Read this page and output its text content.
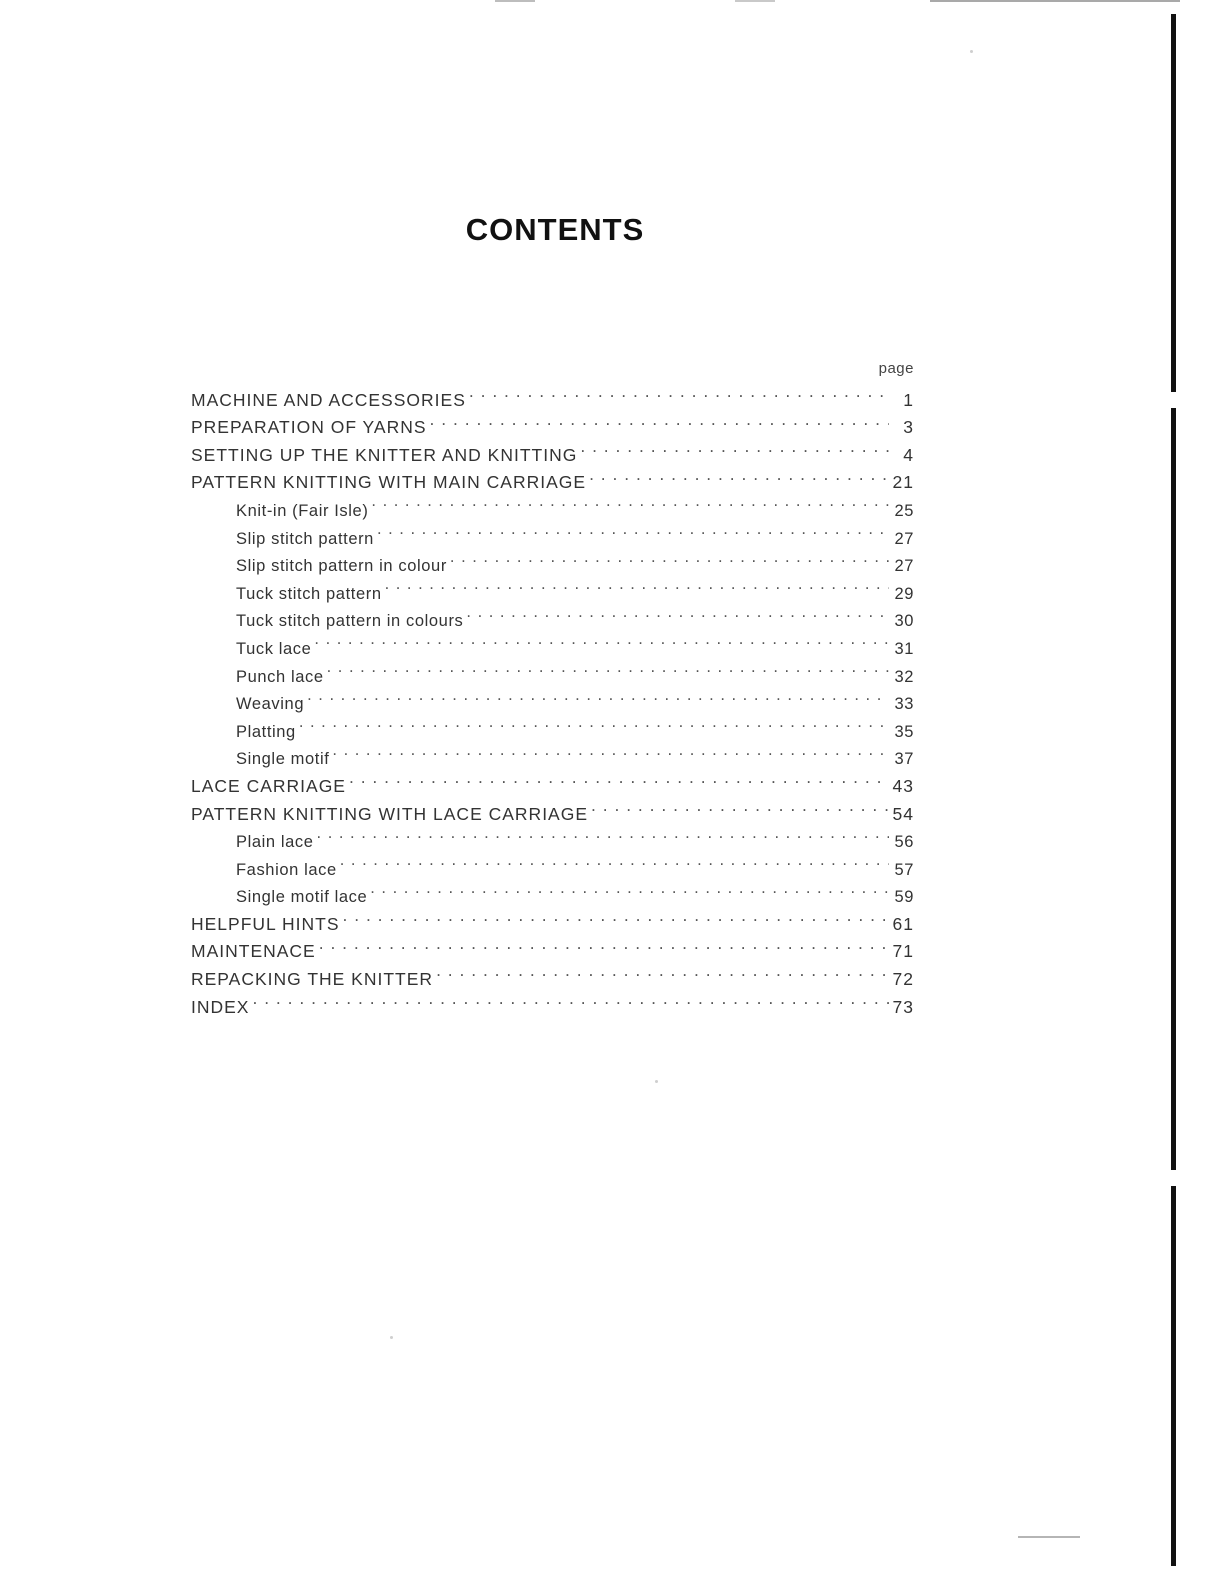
CONTENTS
page
MACHINE AND ACCESSORIES . . .	1
PREPARATION OF YARNS . . .	3
SETTING UP THE KNITTER AND KNITTING . . .	4
PATTERN KNITTING WITH MAIN CARRIAGE . . .	21
Knit-in (Fair Isle) . . .	25
Slip stitch pattern . . .	27
Slip stitch pattern in colour . . .	27
Tuck stitch pattern . . .	29
Tuck stitch pattern in colours . . .	30
Tuck lace . . .	31
Punch lace . . .	32
Weaving . . .	33
Platting . . .	35
Single motif . . .	37
LACE CARRIAGE . . .	43
PATTERN KNITTING WITH LACE CARRIAGE . . .	54
Plain lace . . .	56
Fashion lace . . .	57
Single motif lace . . .	59
HELPFUL HINTS . . .	61
MAINTENACE . . .	71
REPACKING THE KNITTER . . .	72
INDEX . . .	73
